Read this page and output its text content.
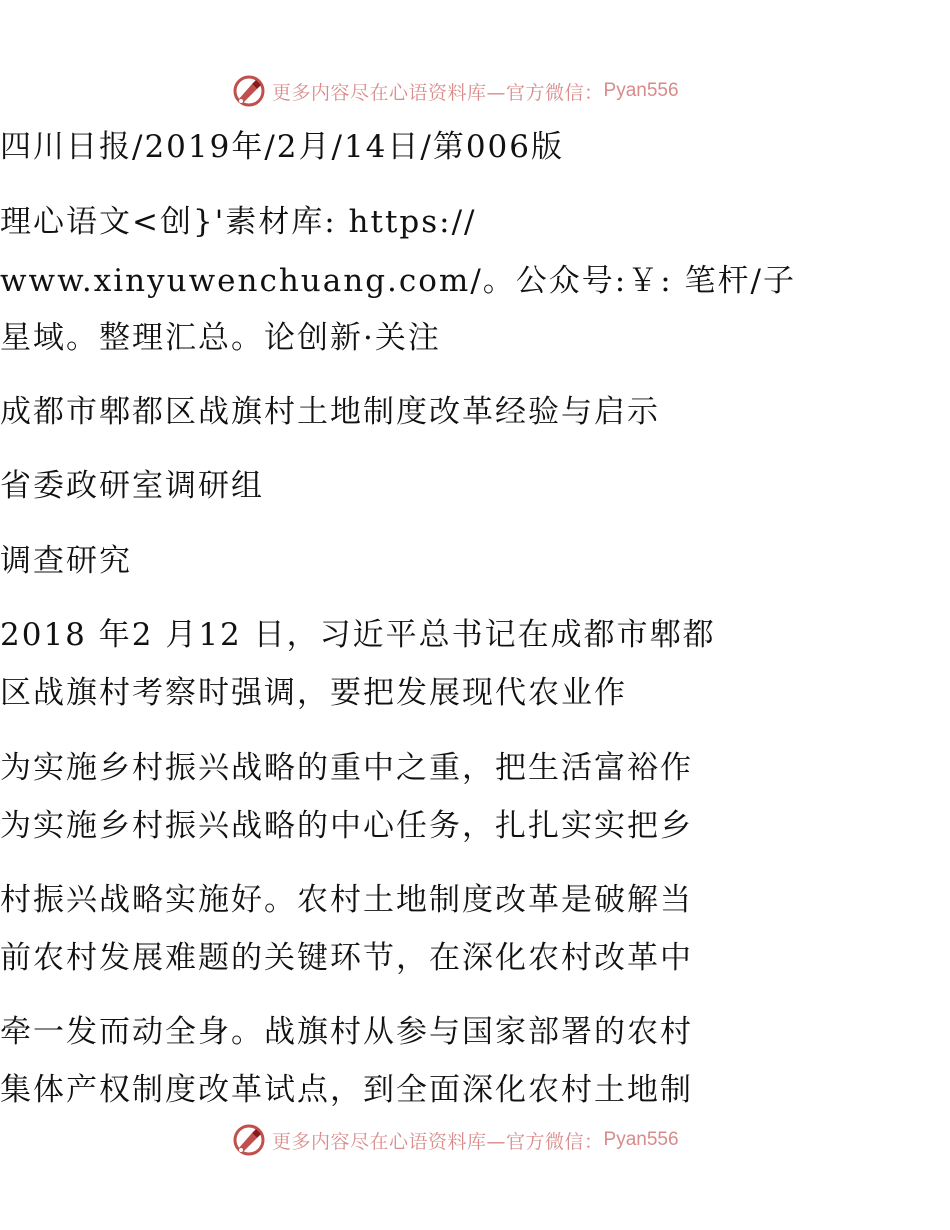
更多内容尽在心语资料库—官方微信： Pyan556
四川日报/2019年/2月/14日/第006版
理心语文<创}'素材库: https://
www.xinyuwenchuang.com/。公众号:￥: 笔杆/子
星域。整理汇总。论创新·关注
成都市郫都区战旗村土地制度改革经验与启示
省委政研室调研组
调查研究
2018 年2 月12 日，习近平总书记在成都市郫都
区战旗村考察时强调，要把发展现代农业作
为实施乡村振兴战略的重中之重，把生活富裕作
为实施乡村振兴战略的中心任务，扎扎实实把乡
村振兴战略实施好。农村土地制度改革是破解当
前农村发展难题的关键环节，在深化农村改革中
牵一发而动全身。战旗村从参与国家部署的农村
集体产权制度改革试点，到全面深化农村土地制
更多内容尽在心语资料库—官方微信： Pyan556
